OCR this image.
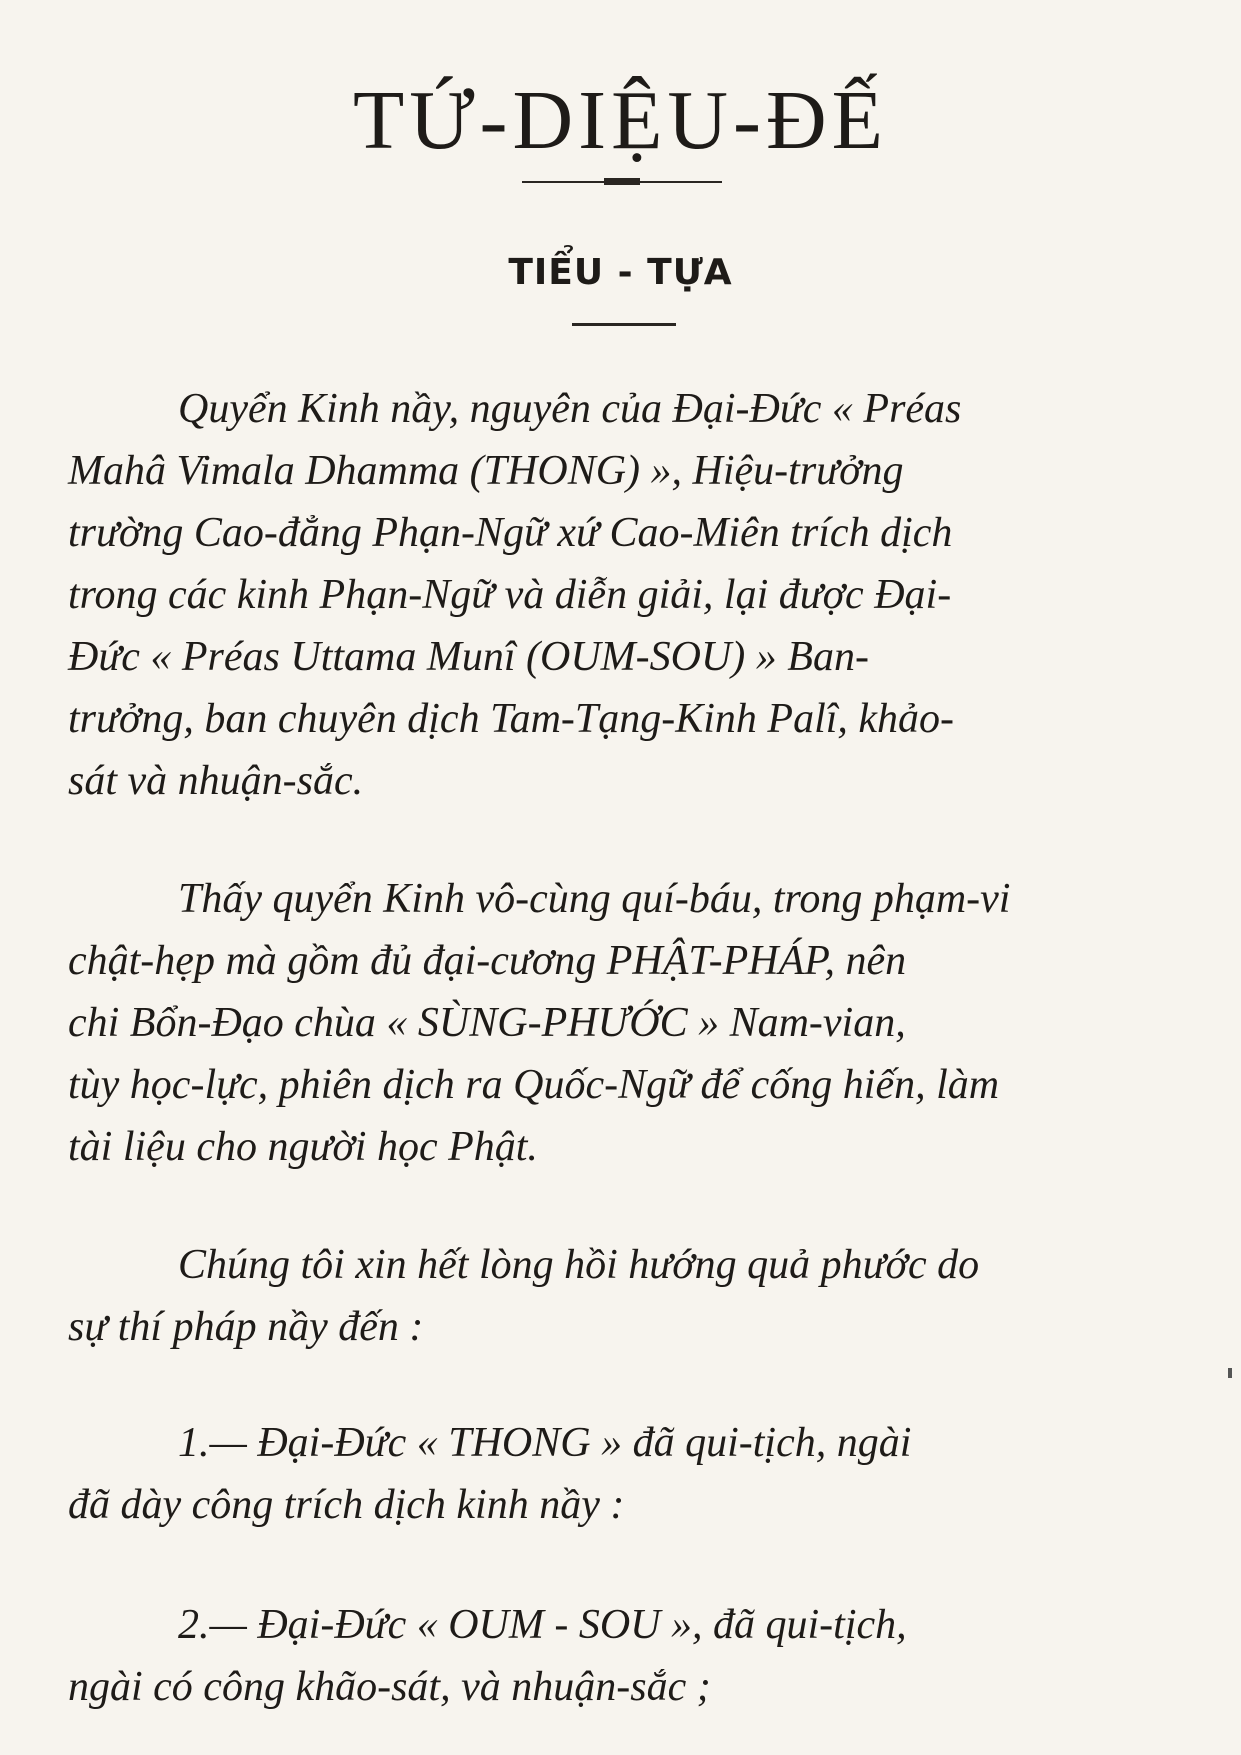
TỨ-DIỆU-ĐẾ
TIỂU - TỰA
Quyển Kinh nầy, nguyên của Đại-Đức « Préas
Mahâ Vimala Dhamma (THONG) », Hiệu-trưởng
trường Cao-đẳng Phạn-Ngữ xứ Cao-Miên trích dịch
trong các kinh Phạn-Ngữ và diễn giải, lại được Đại-
Đức « Préas Uttama Munî (OUM-SOU) » Ban-
trưởng, ban chuyên dịch Tam-Tạng-Kinh Palî, khảo-
sát và nhuận-sắc.
Thấy quyển Kinh vô-cùng quí-báu, trong phạm-vi
chật-hẹp mà gồm đủ đại-cương PHẬT-PHÁP, nên
chi Bổn-Đạo chùa « SÙNG-PHƯỚC » Nam-vian,
tùy học-lực, phiên dịch ra Quốc-Ngữ để cống hiến, làm
tài liệu cho người học Phật.
Chúng tôi xin hết lòng hồi hướng quả phước do
sự thí pháp nầy đến :
1.— Đại-Đức « THONG » đã qui-tịch, ngài
đã dày công trích dịch kinh nầy :
2.— Đại-Đức « OUM - SOU », đã qui-tịch,
ngài có công khão-sát, và nhuận-sắc ;
